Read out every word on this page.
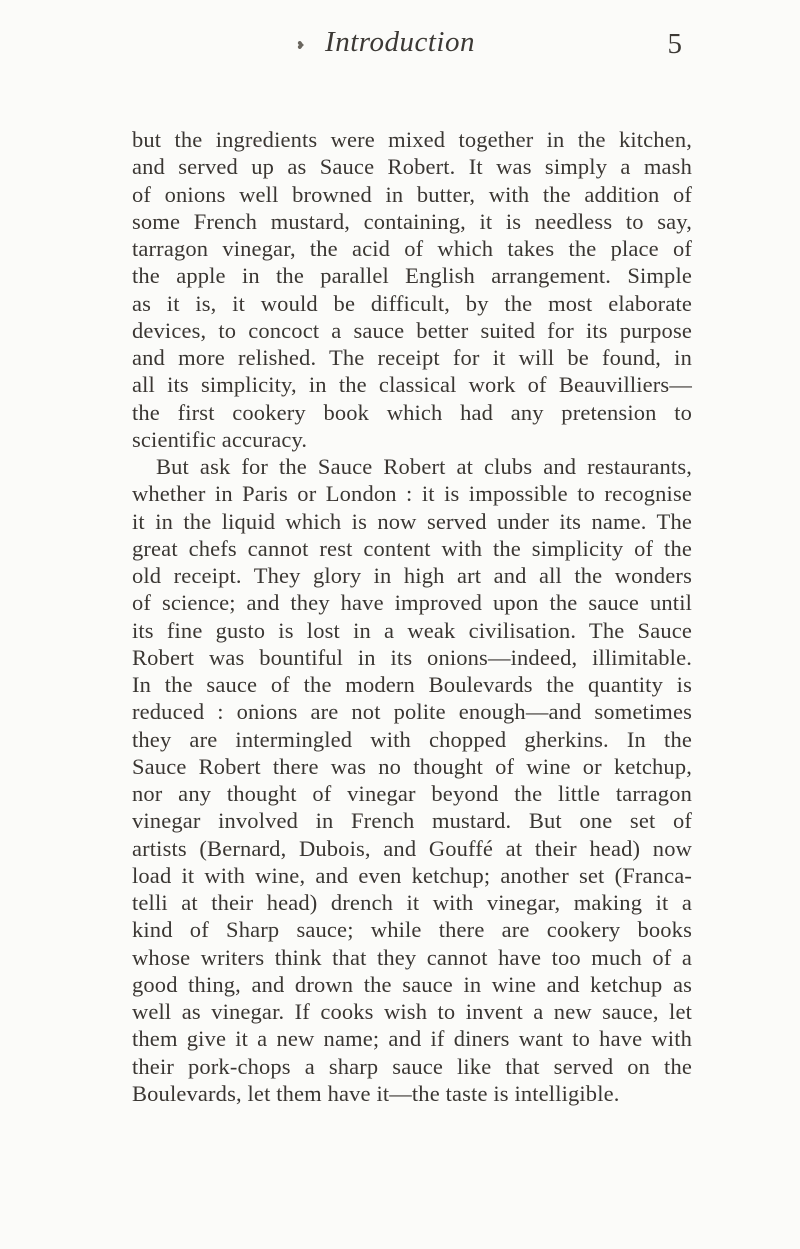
❥ Introduction	5
but the ingredients were mixed together in the kitchen,
and served up as Sauce Robert. It was simply a mash
of onions well browned in butter, with the addition of
some French mustard, containing, it is needless to say,
tarragon vinegar, the acid of which takes the place of
the apple in the parallel English arrangement. Simple
as it is, it would be difficult, by the most elaborate
devices, to concoct a sauce better suited for its purpose
and more relished. The receipt for it will be found, in
all its simplicity, in the classical work of Beauvilliers—
the first cookery book which had any pretension to
scientific accuracy.
But ask for the Sauce Robert at clubs and restaurants,
whether in Paris or London : it is impossible to recognise
it in the liquid which is now served under its name. The
great chefs cannot rest content with the simplicity of the
old receipt. They glory in high art and all the wonders
of science; and they have improved upon the sauce until
its fine gusto is lost in a weak civilisation. The Sauce
Robert was bountiful in its onions—indeed, illimitable.
In the sauce of the modern Boulevards the quantity is
reduced : onions are not polite enough—and sometimes
they are intermingled with chopped gherkins. In the
Sauce Robert there was no thought of wine or ketchup,
nor any thought of vinegar beyond the little tarragon
vinegar involved in French mustard. But one set of
artists (Bernard, Dubois, and Gouffé at their head) now
load it with wine, and even ketchup; another set (Franca-
telli at their head) drench it with vinegar, making it a
kind of Sharp sauce; while there are cookery books
whose writers think that they cannot have too much of a
good thing, and drown the sauce in wine and ketchup as
well as vinegar. If cooks wish to invent a new sauce, let
them give it a new name; and if diners want to have with
their pork-chops a sharp sauce like that served on the
Boulevards, let them have it—the taste is intelligible.
